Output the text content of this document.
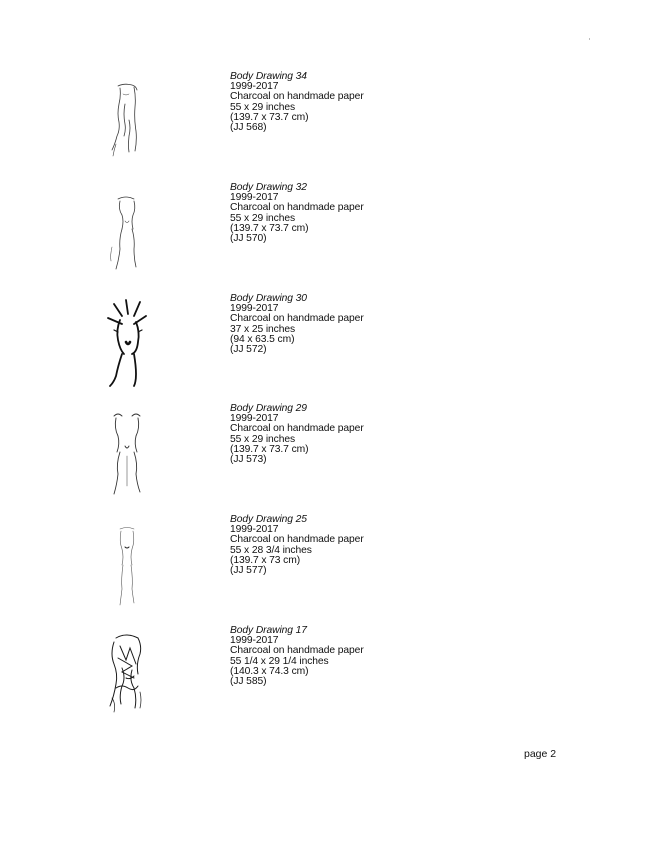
Body Drawing 34
1999-2017
Charcoal on handmade paper
55 x 29 inches
(139.7 x 73.7 cm)
(JJ 568)
Body Drawing 32
1999-2017
Charcoal on handmade paper
55 x 29 inches
(139.7 x 73.7 cm)
(JJ 570)
Body Drawing 30
1999-2017
Charcoal on handmade paper
37 x 25 inches
(94 x 63.5 cm)
(JJ 572)
Body Drawing 29
1999-2017
Charcoal on handmade paper
55 x 29 inches
(139.7 x 73.7 cm)
(JJ 573)
Body Drawing 25
1999-2017
Charcoal on handmade paper
55 x 28 3/4 inches
(139.7 x 73 cm)
(JJ 577)
Body Drawing 17
1999-2017
Charcoal on handmade paper
55 1/4 x 29 1/4 inches
(140.3 x 74.3 cm)
(JJ 585)
page 2
